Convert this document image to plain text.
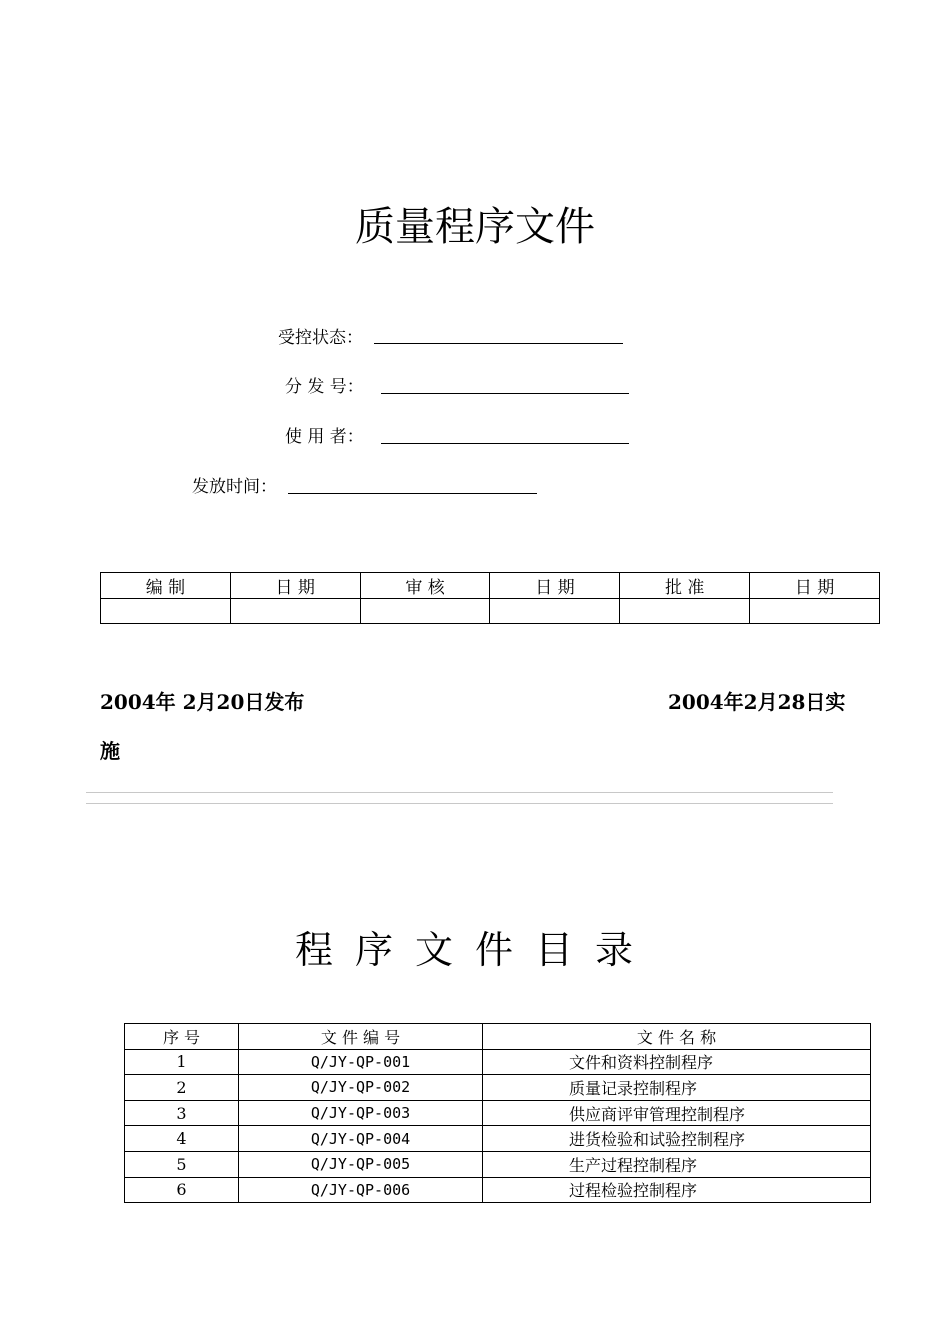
质量程序文件
受控状态：
分 发 号：
使 用 者：
发放时间：
编 制	日 期	审 核	日 期	批 准	日 期

2004年 2月20日发布	2004年2月28日实
施
程序文件目录
序 号	文 件 编 号	文 件 名 称
1	Q/JY-QP-001	文件和资料控制程序
2	Q/JY-QP-002	质量记录控制程序
3	Q/JY-QP-003	供应商评审管理控制程序
4	Q/JY-QP-004	进货检验和试验控制程序
5	Q/JY-QP-005	生产过程控制程序
6	Q/JY-QP-006	过程检验控制程序
